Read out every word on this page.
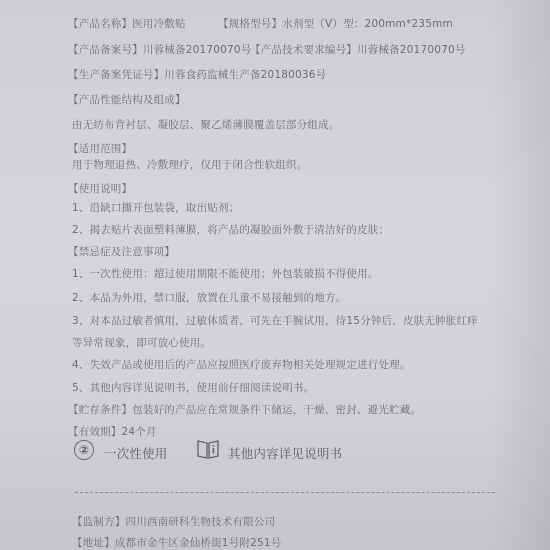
【产品名称】医用冷敷贴	【规格型号】水剂型（V）型：200mm*235mm
【产品备案号】川蓉械备20170070号
【产品技术要求编号】川蓉械备20170070号
【生产备案凭证号】川蓉食药监械生产备20180036号
【产品性能结构及组成】
由无纺布背衬层、凝胶层、聚乙烯薄膜覆盖层部分组成。
【适用范围】
用于物理退热、冷敷理疗，仅用于闭合性软组织。
【使用说明】
1、沿缺口撕开包装袋，取出贴剂；
2、揭去贴片表面塑料薄膜，将产品的凝胶面外敷于清洁好的皮肤；
【禁忌症及注意事项】
1、一次性使用：超过使用期限不能使用；外包装破损不得使用。
2、本品为外用，禁口服，放置在儿童不易接触到的地方。
3、对本品过敏者慎用，过敏体质者，可先在手腕试用，待15分钟后，皮肤无肿胀红痒
等异常现象，即可放心使用。
4、失效产品或使用后的产品应按照医疗废弃物相关处理规定进行处理。
5、其他内容详见说明书，使用前仔细阅读说明书。
【贮存条件】包装好的产品应在常规条件下储运，干燥、密封、避光贮藏。
【有效期】24个月
② 一次性使用	其他内容详见说明书
【监制方】四川西南研科生物技术有限公司
【地址】成都市金牛区金仙桥街1号附251号
